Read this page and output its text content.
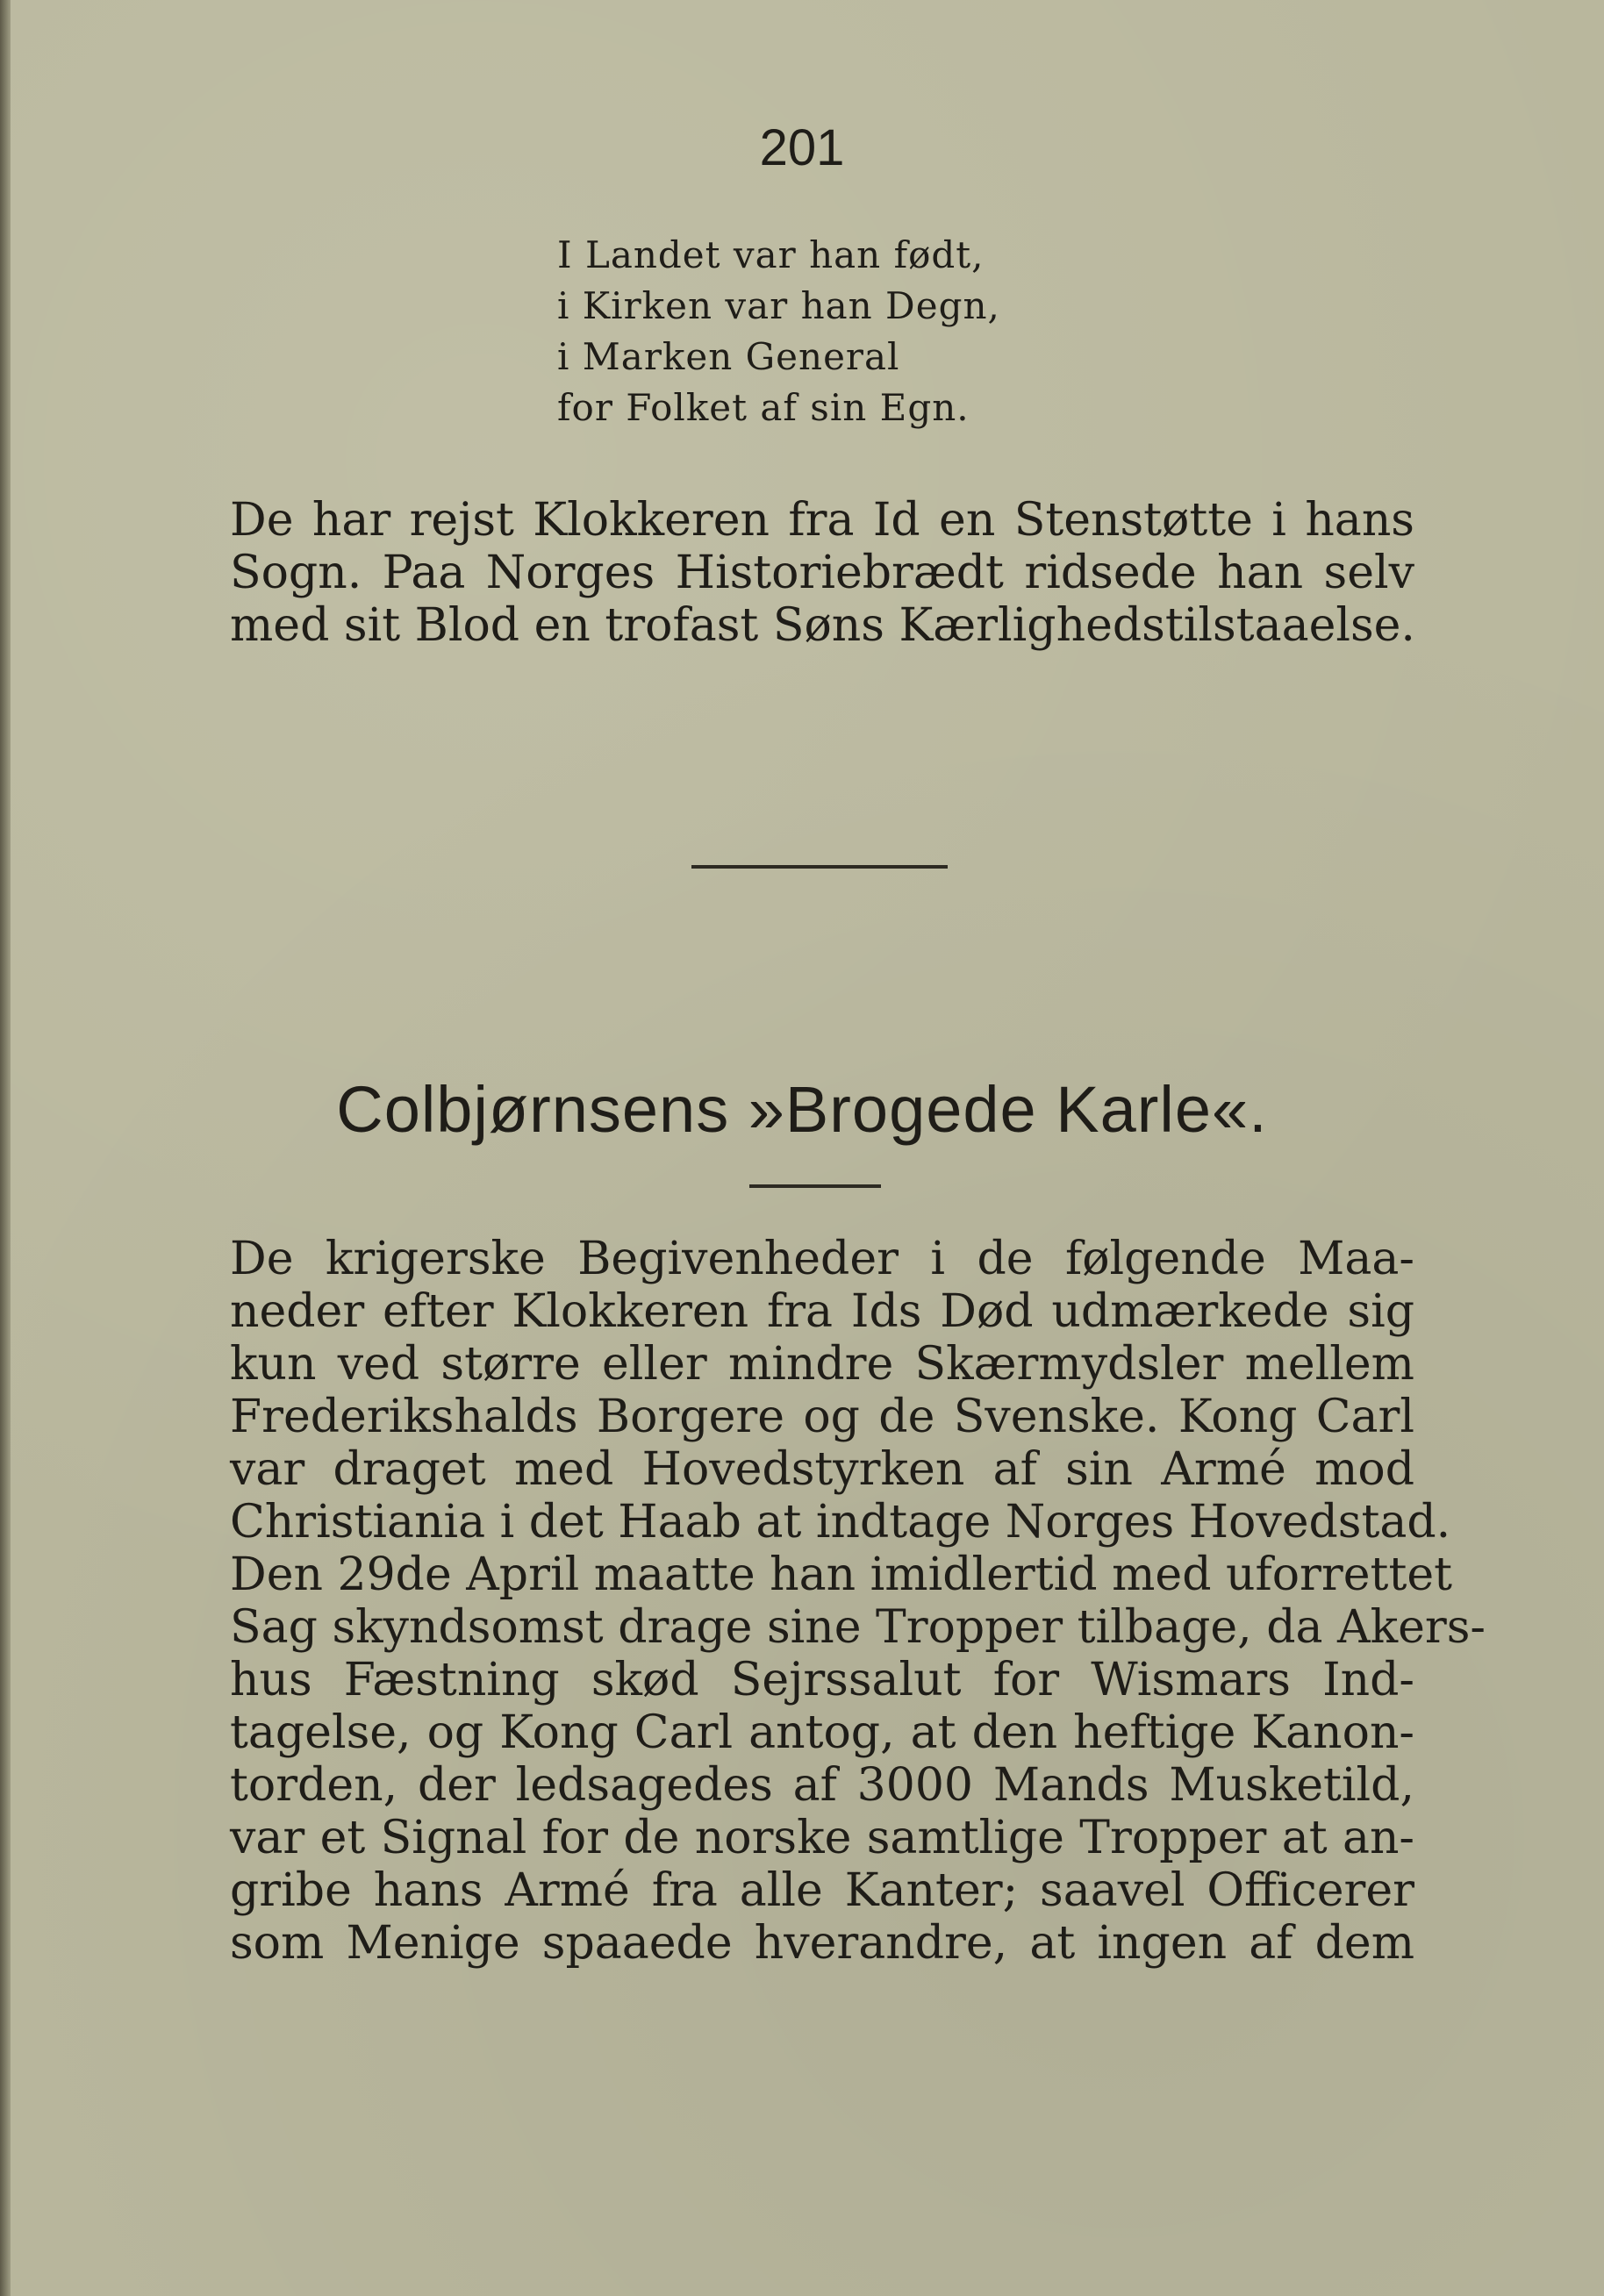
201
I Landet var han født,
i Kirken var han Degn,
i Marken General
for Folket af sin Egn.
De har rejst Klokkeren fra Id en Stenstøtte i hans
Sogn. Paa Norges Historiebrædt ridsede han selv
med sit Blod en trofast Søns Kærlighedstilstaaelse.
Colbjørnsens »Brogede Karle«.
De krigerske Begivenheder i de følgende Maa-
neder efter Klokkeren fra Ids Død udmærkede sig
kun ved større eller mindre Skærmydsler mellem
Frederikshalds Borgere og de Svenske. Kong Carl
var draget med Hovedstyrken af sin Armé mod
Christiania i det Haab at indtage Norges Hovedstad.
Den 29de April maatte han imidlertid med uforrettet
Sag skyndsomst drage sine Tropper tilbage, da Akers-
hus Fæstning skød Sejrssalut for Wismars Ind-
tagelse, og Kong Carl antog, at den heftige Kanon-
torden, der ledsagedes af 3000 Mands Musketild,
var et Signal for de norske samtlige Tropper at an-
gribe hans Armé fra alle Kanter; saavel Officerer
som Menige spaaede hverandre, at ingen af dem
